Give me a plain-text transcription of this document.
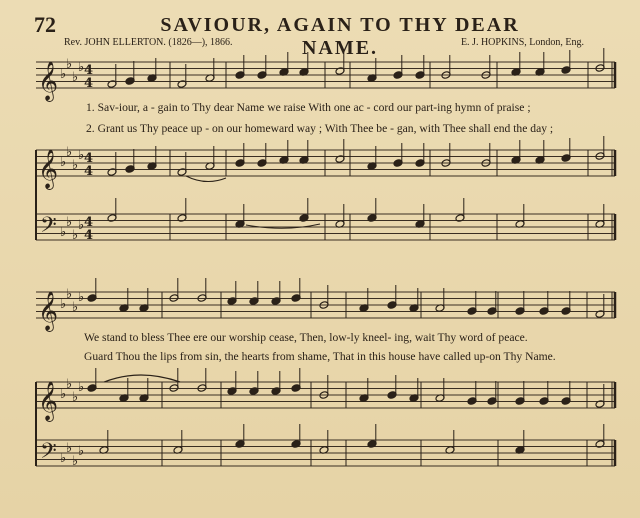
72	SAVIOUR, AGAIN TO THY DEAR NAME.
Rev. JOHN ELLERTON. (1826—), 1866.	E. J. HOPKINS, London, Eng.
𝄞 ♭
♭
♭
♭ 4
4
𝄞 ♭
♭
♭
♭ 4
4
𝄢 ♭
♭
♭
♭ 4
4
𝄞 ♭
♭
♭
♭
𝄞 ♭
♭
♭
♭
𝄢 ♭
♭
♭
♭
1. Sav-iour, a - gain to Thy dear Name we raise With one ac - cord our part-ing hymn of praise ;
2. Grant us Thy peace up - on our homeward way ; With Thee be - gan, with Thee shall end the day ;
We stand to bless Thee ere our worship cease, Then, low-ly kneel- ing, wait Thy word of peace.
Guard Thou the lips from sin, the hearts from shame, That in this house have called up-on Thy Name.
